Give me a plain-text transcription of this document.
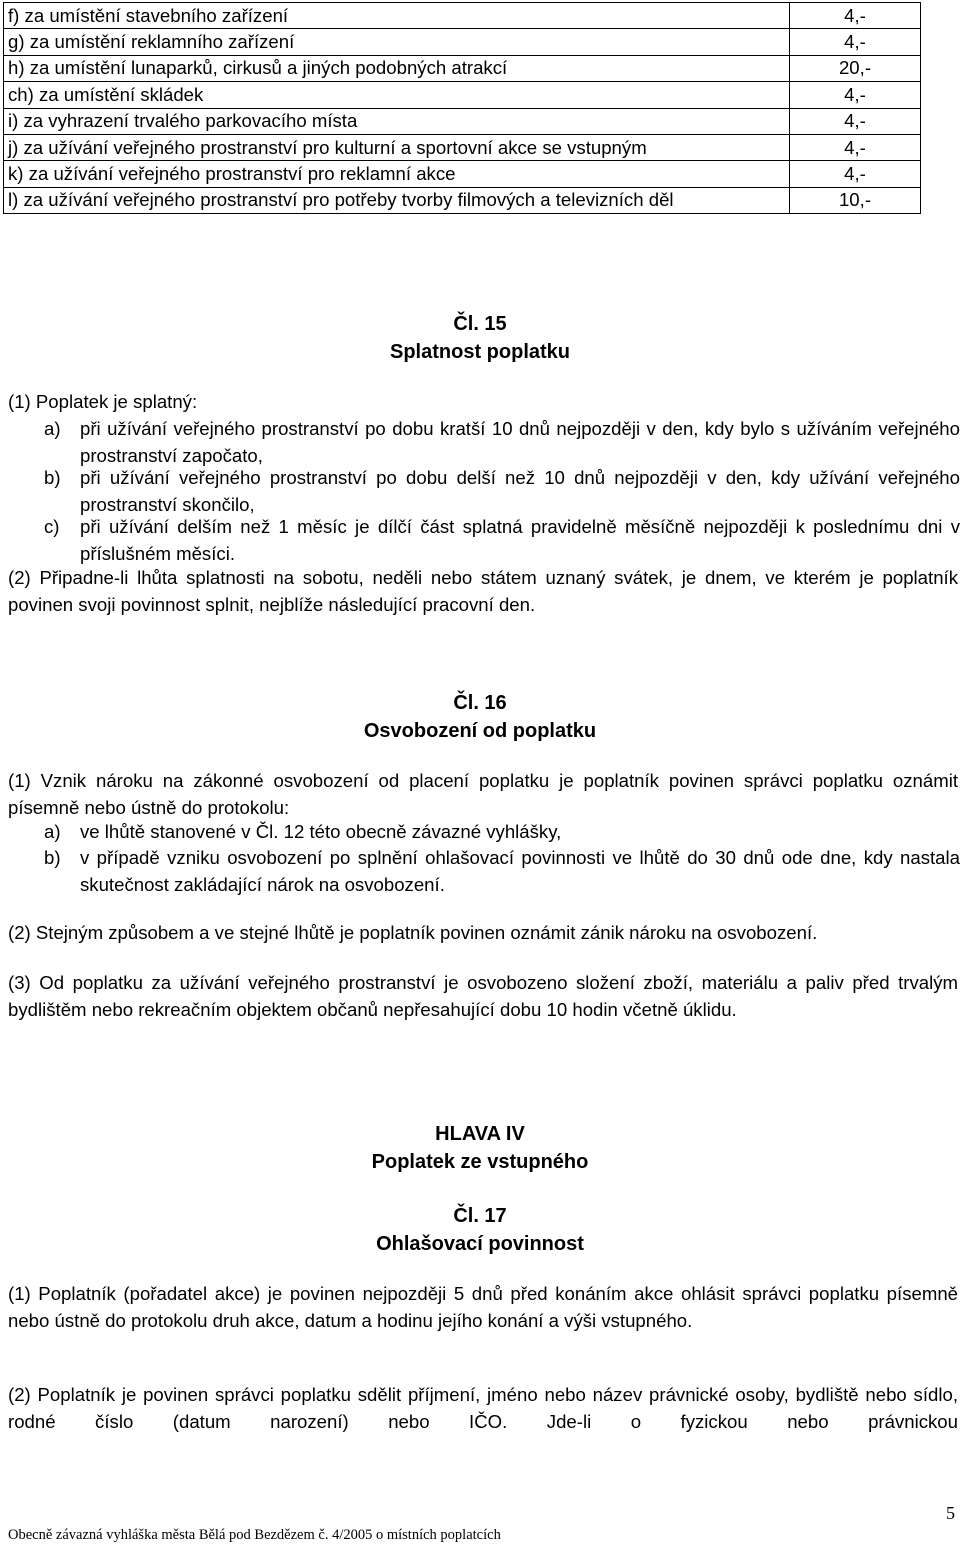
f) za umístění stavebního zařízení	4,-
g) za umístění reklamního zařízení	4,-
h) za umístění lunaparků, cirkusů a jiných podobných atrakcí	20,-
ch) za umístění skládek	4,-
i) za vyhrazení trvalého parkovacího místa	4,-
j) za užívání veřejného prostranství pro kulturní a sportovní akce se vstupným	4,-
k) za užívání veřejného prostranství pro reklamní akce	4,-
l) za užívání veřejného prostranství pro potřeby tvorby filmových a televizních děl	10,-
Čl. 15
Splatnost poplatku
(1) Poplatek je splatný:
a) při užívání veřejného prostranství po dobu kratší 10 dnů nejpozději v den, kdy bylo s užíváním veřejného prostranství započato,
b) při užívání veřejného prostranství po dobu delší než 10 dnů nejpozději v den, kdy užívání veřejného prostranství skončilo,
c) při užívání delším než 1 měsíc je dílčí část splatná pravidelně měsíčně nejpozději k poslednímu dni v příslušném měsíci.
(2) Připadne-li lhůta splatnosti na sobotu, neděli nebo státem uznaný svátek, je dnem, ve kterém je poplatník povinen svoji povinnost splnit, nejblíže následující pracovní den.
Čl. 16
Osvobození od poplatku
(1) Vznik nároku na zákonné osvobození od placení poplatku je poplatník povinen správci poplatku oznámit písemně nebo ústně do protokolu:
a) ve lhůtě stanovené v Čl. 12 této obecně závazné vyhlášky,
b) v případě vzniku osvobození po splnění ohlašovací povinnosti ve lhůtě do 30 dnů ode dne, kdy nastala skutečnost zakládající nárok na osvobození.
(2) Stejným způsobem a ve stejné lhůtě je poplatník povinen oznámit zánik nároku na osvobození.
(3) Od poplatku za užívání veřejného prostranství je osvobozeno složení zboží, materiálu a paliv před trvalým bydlištěm nebo rekreačním objektem občanů nepřesahující dobu 10 hodin včetně úklidu.
HLAVA IV
Poplatek ze vstupného
Čl. 17
Ohlašovací povinnost
(1) Poplatník (pořadatel akce) je povinen nejpozději 5 dnů před konáním akce ohlásit správci poplatku písemně nebo ústně do protokolu druh akce, datum a hodinu jejího konání a výši vstupného.
(2) Poplatník je povinen správci poplatku sdělit příjmení, jméno nebo název právnické osoby, bydliště nebo sídlo, rodné číslo (datum narození) nebo IČO. Jde-li o fyzickou nebo právnickou
5
Obecně závazná vyhláška města Bělá pod Bezdězem č. 4/2005 o místních poplatcích
